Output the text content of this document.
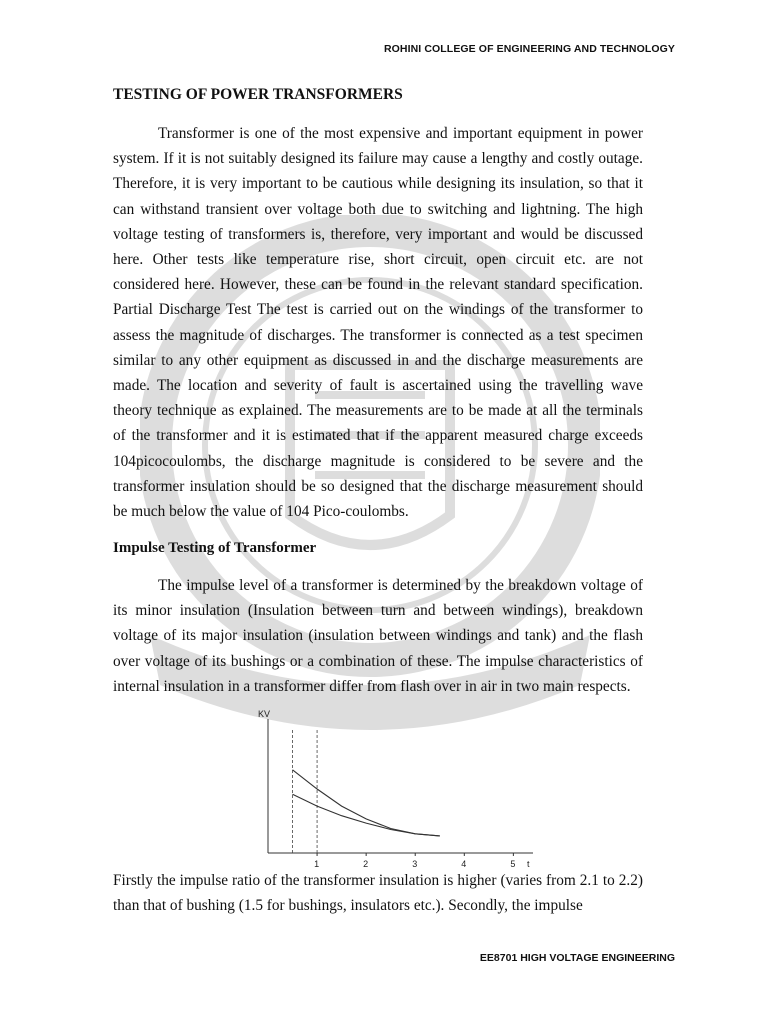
ROHINI COLLEGE OF ENGINEERING AND TECHNOLOGY
TESTING OF POWER TRANSFORMERS

Transformer is one of the most expensive and important equipment in power system. If it is not suitably designed its failure may cause a lengthy and costly outage. Therefore, it is very important to be cautious while designing its insulation, so that it can withstand transient over voltage both due to switching and lightning. The high voltage testing of transformers is, therefore, very important and would be discussed here. Other tests like temperature rise, short circuit, open circuit etc. are not considered here. However, these can be found in the relevant standard specification. Partial Discharge Test The test is carried out on the windings of the transformer to assess the magnitude of discharges. The transformer is connected as a test specimen similar to any other equipment as discussed in and the discharge measurements are made. The location and severity of fault is ascertained using the travelling wave theory technique as explained. The measurements are to be made at all the terminals of the transformer and it is estimated that if the apparent measured charge exceeds 104picocoulombs, the discharge magnitude is considered to be severe and the transformer insulation should be so designed that the discharge measurement should be much below the value of 104 Pico-coulombs.

Impulse Testing of Transformer

The impulse level of a transformer is determined by the breakdown voltage of its minor insulation (Insulation between turn and between windings), breakdown voltage of its major insulation (insulation between windings and tank) and the flash over voltage of its bushings or a combination of these. The impulse characteristics of internal insulation in a transformer differ from flash over in air in two main respects.

KV
t
1	2	3	4	5

Firstly the impulse ratio of the transformer insulation is higher (varies from 2.1 to 2.2) than that of bushing (1.5 for bushings, insulators etc.). Secondly, the impulse

EE8701 HIGH VOLTAGE ENGINEERING
